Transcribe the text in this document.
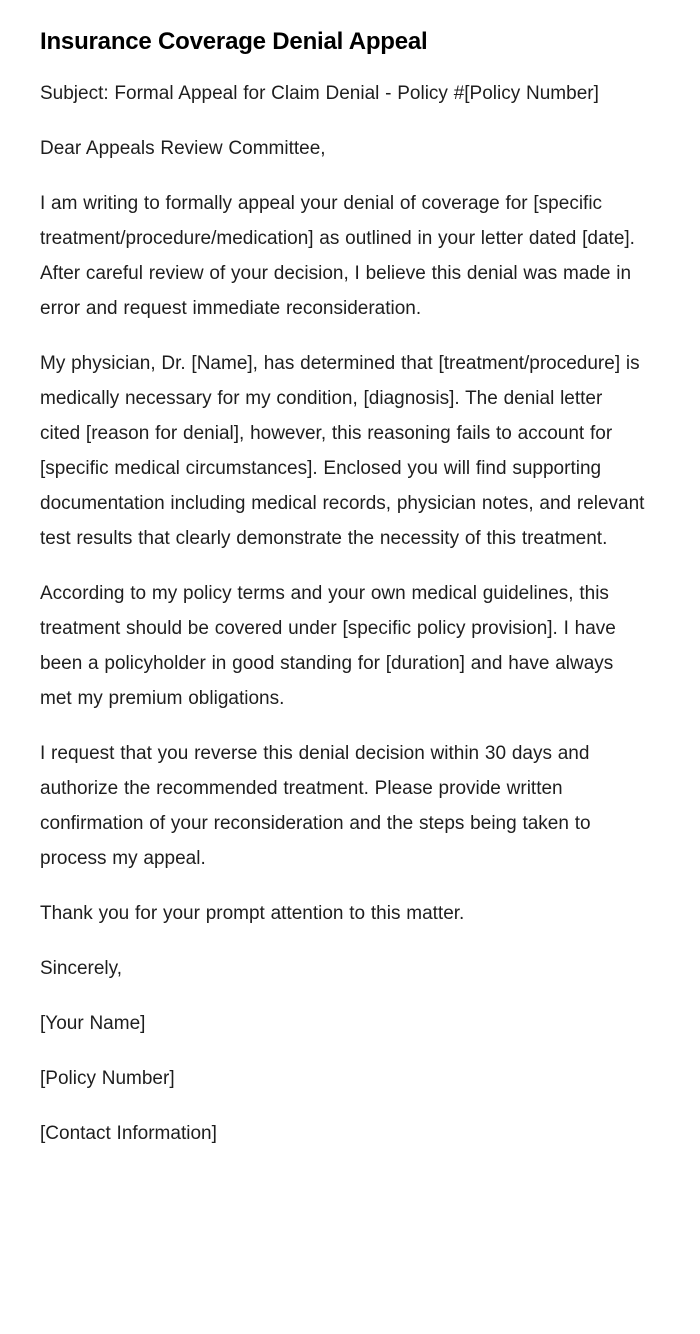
Insurance Coverage Denial Appeal

Subject: Formal Appeal for Claim Denial - Policy #[Policy Number]

Dear Appeals Review Committee,

I am writing to formally appeal your denial of coverage for [specific treatment/procedure/medication] as outlined in your letter dated [date]. After careful review of your decision, I believe this denial was made in error and request immediate reconsideration.

My physician, Dr. [Name], has determined that [treatment/procedure] is medically necessary for my condition, [diagnosis]. The denial letter cited [reason for denial], however, this reasoning fails to account for [specific medical circumstances]. Enclosed you will find supporting documentation including medical records, physician notes, and relevant test results that clearly demonstrate the necessity of this treatment.

According to my policy terms and your own medical guidelines, this treatment should be covered under [specific policy provision]. I have been a policyholder in good standing for [duration] and have always met my premium obligations.

I request that you reverse this denial decision within 30 days and authorize the recommended treatment. Please provide written confirmation of your reconsideration and the steps being taken to process my appeal.

Thank you for your prompt attention to this matter.

Sincerely,

[Your Name]

[Policy Number]

[Contact Information]
